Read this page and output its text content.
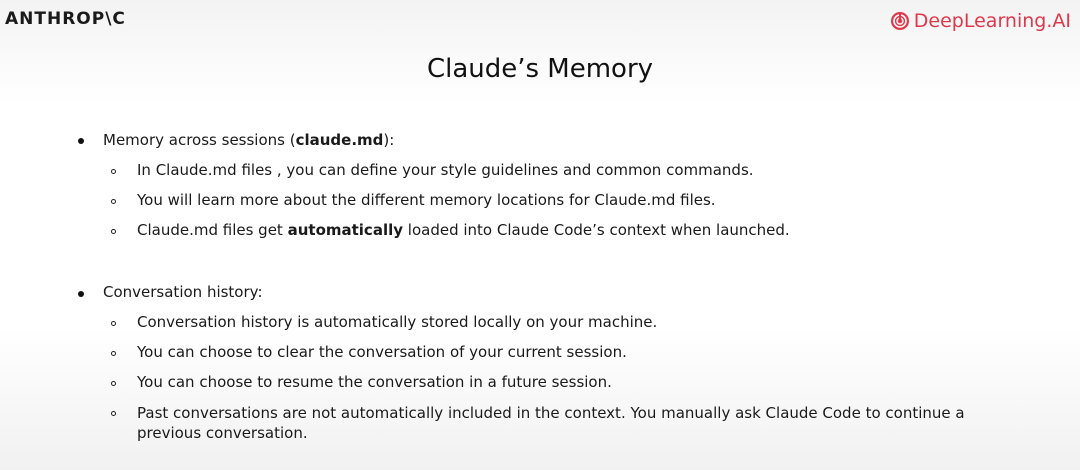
ANTHROP\C	DeepLearning.AI
Claude’s Memory
Memory across sessions (claude.md):
In Claude.md files , you can define your style guidelines and common commands.
You will learn more about the different memory locations for Claude.md files.
Claude.md files get automatically loaded into Claude Code’s context when launched.
Conversation history:
Conversation history is automatically stored locally on your machine.
You can choose to clear the conversation of your current session.
You can choose to resume the conversation in a future session.
Past conversations are not automatically included in the context. You manually ask Claude Code to continue a previous conversation.
